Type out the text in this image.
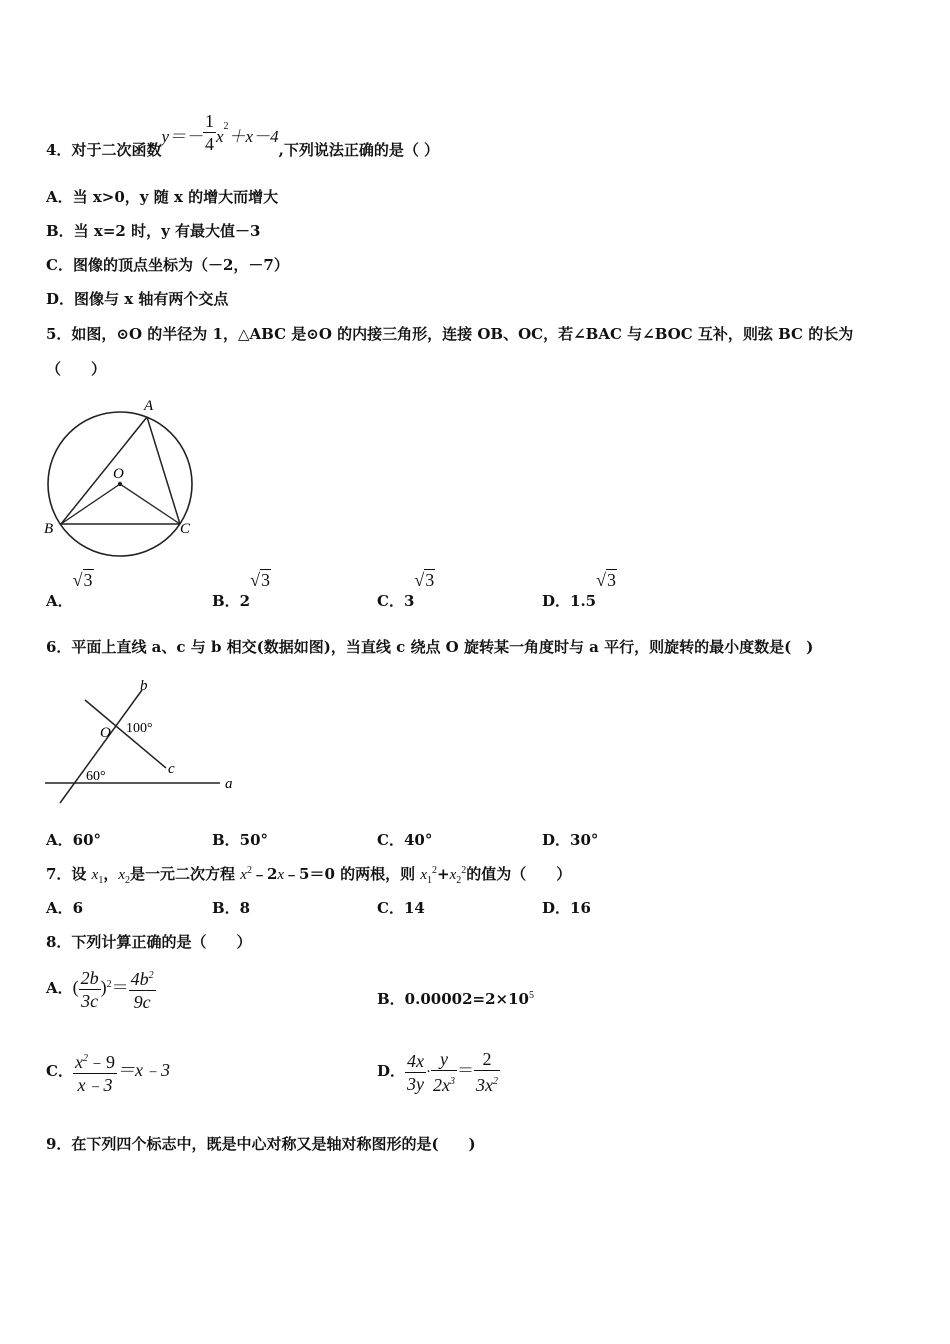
4．对于二次函数$y=- \frac{1}{4} x^2+x-4$,下列说法正确的是（ ）
A．当 x>0，y 随 x 的增大而增大
B．当 x=2 时，y 有最大值－3
C．图像的顶点坐标为（－2，－7）
D．图像与 x 轴有两个交点
5．如图，⊙O 的半径为 1，△ABC 是⊙O 的内接三角形，连接 OB、OC，若∠BAC 与∠BOC 互补，则弦 BC 的长为
（　　）
A
O
B	C
A．√3
B．2√3
C．3√3
D．1.5√3
6．平面上直线 a、c 与 b 相交(数据如图)，当直线 c 绕点 O 旋转某一角度时与 a 平行，则旋转的最小度数是(　)
b
O 100°
c
60°	a
A．60°	B．50°	C．40°	D．30°
7．设 $x_1$，$x_2$是一元二次方程 $x^2﹣2x﹣5=0$ 的两根，则 $x_1^2+x_2^2$的值为（　　）
A．6	B．8	C．14	D．16
8．下列计算正确的是（　　）
A．( $\frac{2b}{3c} )^2= \frac{4b^2}{9c}$	B．$0.00002=2\times 10^5$
C． $\frac{x^2﹣9}{x﹣3}$ ＝x﹣3	D． $\frac{4x}{3y} \cdot \frac{y}{2x^3} = \frac{2}{3x^2}$
9．在下列四个标志中，既是中心对称又是轴对称图形的是(　　)
